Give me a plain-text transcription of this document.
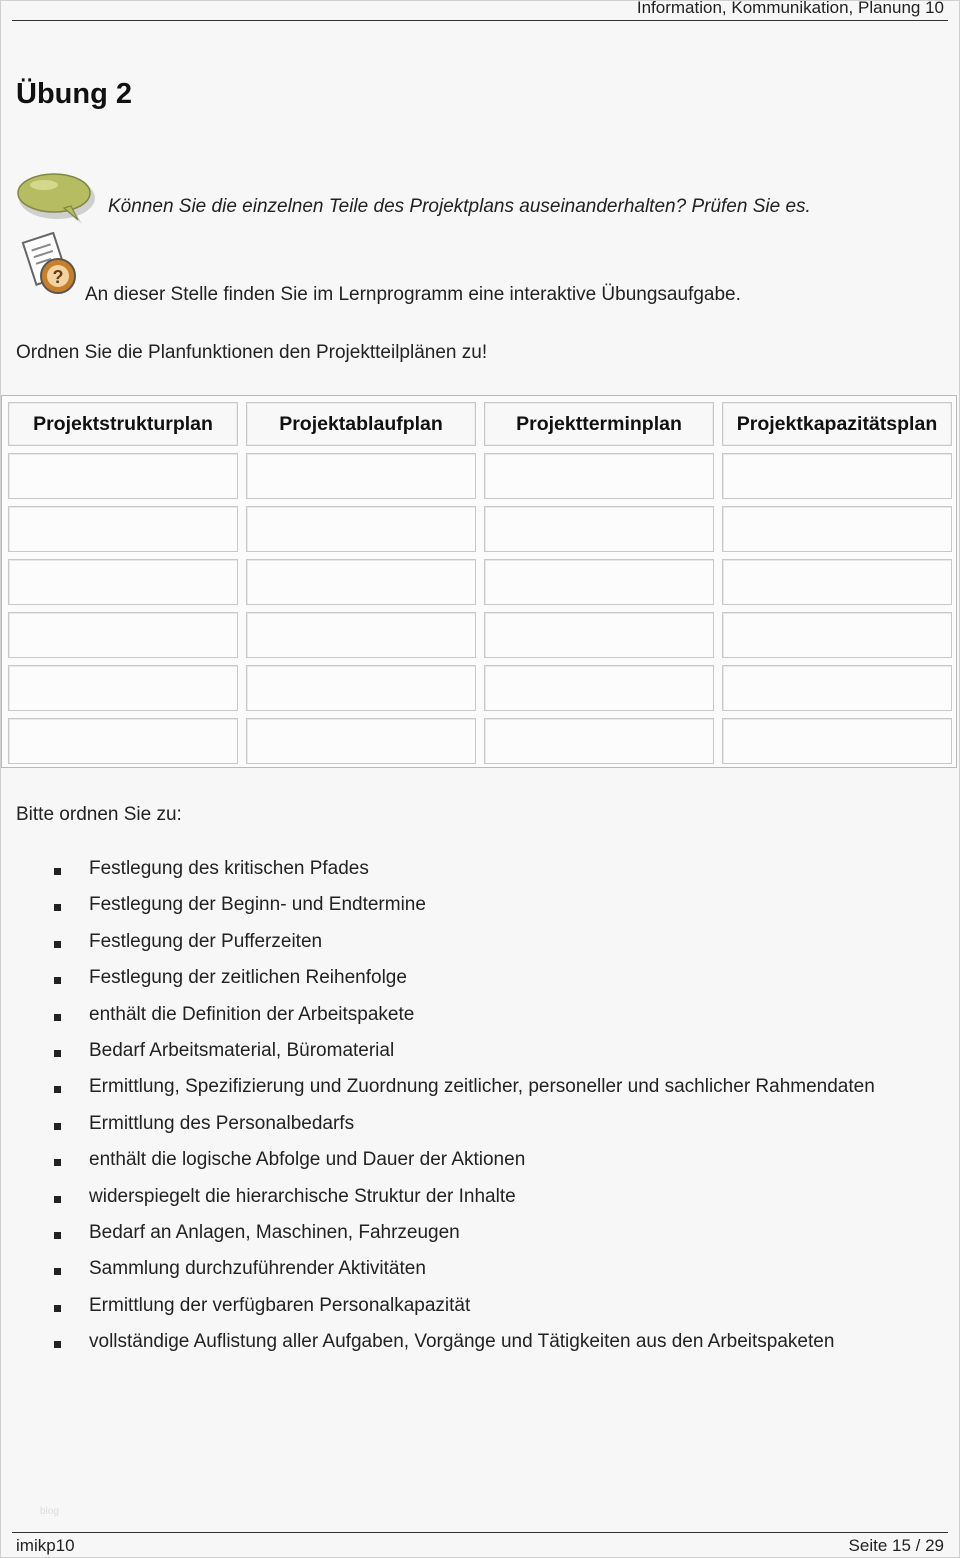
Information, Kommunikation, Planung 10
Übung 2
Können Sie die einzelnen Teile des Projektplans auseinanderhalten? Prüfen Sie es.
?
An dieser Stelle finden Sie im Lernprogramm eine interaktive Übungsaufgabe.
Ordnen Sie die Planfunktionen den Projektteilplänen zu!
Projektstrukturplan	Projektablaufplan	Projektterminplan	Projektkapazitätsplan
Bitte ordnen Sie zu:
Festlegung des kritischen Pfades
Festlegung der Beginn- und Endtermine
Festlegung der Pufferzeiten
Festlegung der zeitlichen Reihenfolge
enthält die Definition der Arbeitspakete
Bedarf Arbeitsmaterial, Büromaterial
Ermittlung, Spezifizierung und Zuordnung zeitlicher, personeller und sachlicher Rahmendaten
Ermittlung des Personalbedarfs
enthält die logische Abfolge und Dauer der Aktionen
widerspiegelt die hierarchische Struktur der Inhalte
Bedarf an Anlagen, Maschinen, Fahrzeugen
Sammlung durchzuführender Aktivitäten
Ermittlung der verfügbaren Personalkapazität
vollständige Auflistung aller Aufgaben, Vorgänge und Tätigkeiten aus den Arbeitspaketen
blog
imikp10	Seite 15 / 29
